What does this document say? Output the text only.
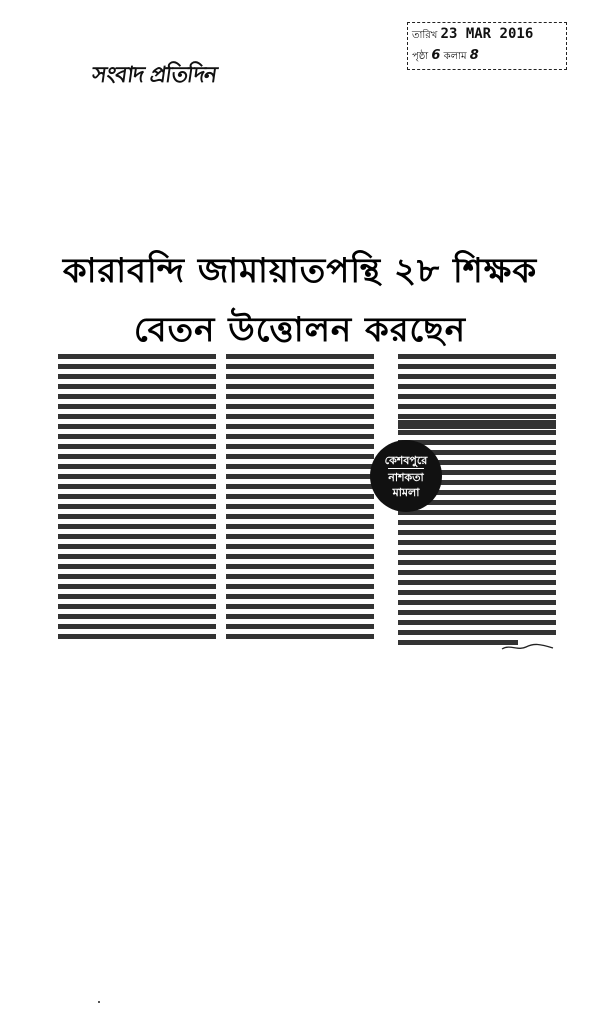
সংবাদ প্রতিদিন
তারিখ 23 MAR 2016
পৃষ্ঠা 6 কলাম 8
কারাবন্দি জামায়াতপন্থি ২৮ শিক্ষক
বেতন উত্তোলন করছেন
কেশবপুরে
নাশকতা
মামলা
